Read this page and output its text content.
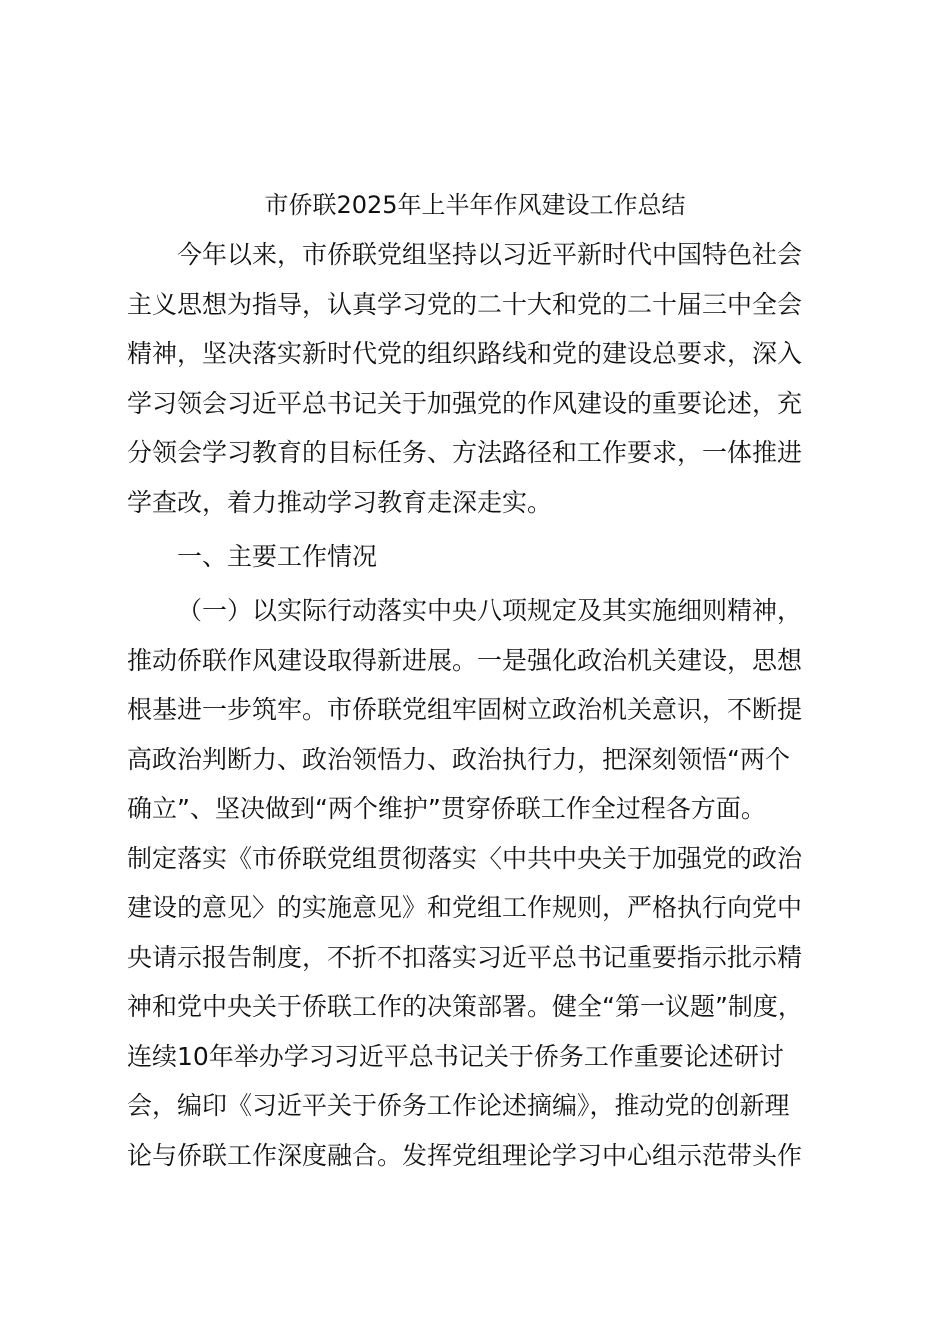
市侨联2025年上半年作风建设工作总结
今年以来，市侨联党组坚持以习近平新时代中国特色社会
主义思想为指导，认真学习党的二十大和党的二十届三中全会
精神，坚决落实新时代党的组织路线和党的建设总要求，深入
学习领会习近平总书记关于加强党的作风建设的重要论述，充
分领会学习教育的目标任务、方法路径和工作要求，一体推进
学查改，着力推动学习教育走深走实。
一、主要工作情况
（一）以实际行动落实中央八项规定及其实施细则精神，
推动侨联作风建设取得新进展。一是强化政治机关建设，思想
根基进一步筑牢。市侨联党组牢固树立政治机关意识，不断提
高政治判断力、政治领悟力、政治执行力，把深刻领悟“两个
确立”、坚决做到“两个维护”贯穿侨联工作全过程各方面。
制定落实《市侨联党组贯彻落实〈中共中央关于加强党的政治
建设的意见〉的实施意见》和党组工作规则，严格执行向党中
央请示报告制度，不折不扣落实习近平总书记重要指示批示精
神和党中央关于侨联工作的决策部署。健全“第一议题”制度，
连续10年举办学习习近平总书记关于侨务工作重要论述研讨
会，编印《习近平关于侨务工作论述摘编》，推动党的创新理
论与侨联工作深度融合。发挥党组理论学习中心组示范带头作
